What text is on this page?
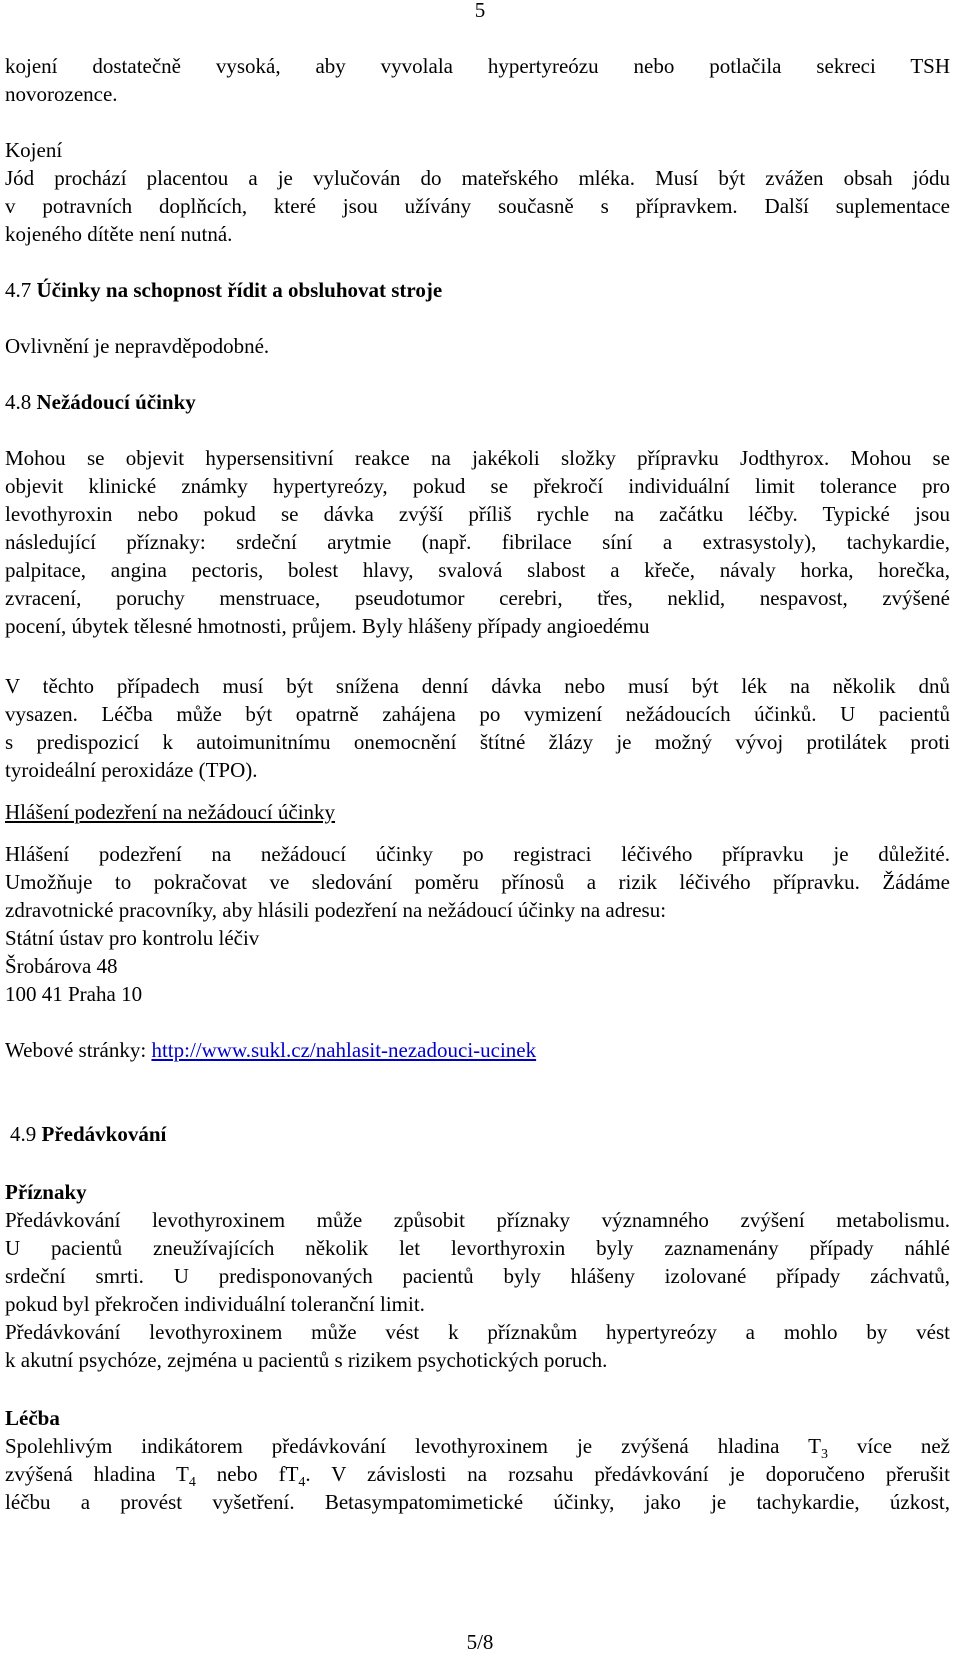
5
kojení dostatečně vysoká, aby vyvolala hypertyreózu nebo potlačila sekreci TSH
novorozence.
Kojení
Jód prochází placentou a je vylučován do mateřského mléka. Musí být zvážen obsah jódu
v potravních doplňcích, které jsou užívány současně s přípravkem. Další suplementace
kojeného dítěte není nutná.
4.7 Účinky na schopnost řídit a obsluhovat stroje
Ovlivnění je nepravděpodobné.
4.8 Nežádoucí účinky
Mohou se objevit hypersensitivní reakce na jakékoli složky přípravku Jodthyrox. Mohou se
objevit klinické známky hypertyreózy, pokud se překročí individuální limit tolerance pro
levothyroxin nebo pokud se dávka zvýší příliš rychle na začátku léčby. Typické jsou
následující příznaky: srdeční arytmie (např. fibrilace síní a extrasystoly), tachykardie,
palpitace, angina pectoris, bolest hlavy, svalová slabost a křeče, návaly horka, horečka,
zvracení, poruchy menstruace, pseudotumor cerebri, třes, neklid, nespavost, zvýšené
pocení, úbytek tělesné hmotnosti, průjem. Byly hlášeny případy angioedému
V těchto případech musí být snížena denní dávka nebo musí být lék na několik dnů
vysazen. Léčba může být opatrně zahájena po vymizení nežádoucích účinků. U pacientů
s predispozicí k autoimunitnímu onemocnění štítné žlázy je možný vývoj protilátek proti
tyroideální peroxidáze (TPO).
Hlášení podezření na nežádoucí účinky
Hlášení podezření na nežádoucí účinky po registraci léčivého přípravku je důležité.
Umožňuje to pokračovat ve sledování poměru přínosů a rizik léčivého přípravku. Žádáme
zdravotnické pracovníky, aby hlásili podezření na nežádoucí účinky na adresu:
Státní ústav pro kontrolu léčiv
Šrobárova 48
100 41 Praha 10
Webové stránky: http://www.sukl.cz/nahlasit-nezadouci-ucinek
4.9 Předávkování
Příznaky
Předávkování levothyroxinem může způsobit příznaky významného zvýšení metabolismu.
U pacientů zneužívajících několik let levorthyroxin byly zaznamenány případy náhlé
srdeční smrti. U predisponovaných pacientů byly hlášeny izolované případy záchvatů,
pokud byl překročen individuální toleranční limit.
Předávkování levothyroxinem může vést k příznakům hypertyreózy a mohlo by vést
k akutní psychóze, zejména u pacientů s rizikem psychotických poruch.
Léčba
Spolehlivým indikátorem předávkování levothyroxinem je zvýšená hladina $T_3$ více než
zvýšená hladina $T_4$ nebo $fT_4$. V závislosti na rozsahu předávkování je doporučeno přerušit
léčbu a provést vyšetření. Betasympatomimetické účinky, jako je tachykardie, úzkost,
5/8
